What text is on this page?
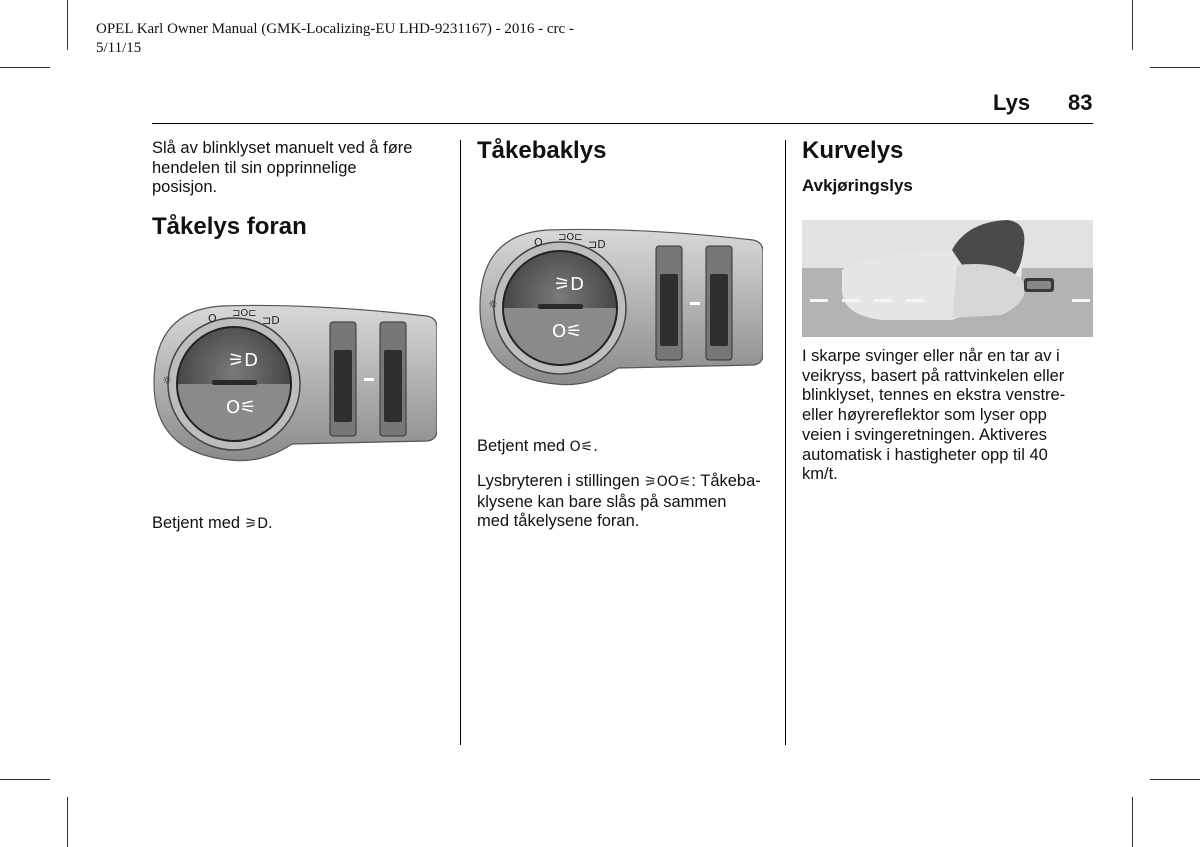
OPEL Karl Owner Manual (GMK-Localizing-EU LHD-9231167) - 2016 - crc -
5/11/15
Lys 83

Slå av blinklyset manuelt ved å føre
hendelen til sin opprinnelige
posisjon.

Tåkelys foran
⚞D
O⚟
O ⊐O⊏
⊐D
☼

Betjent med ⚞D.

Tåkebaklys
⚞D
O⚟
O ⊐O⊏
⊐D
☼

Betjent med O⚟.

Lysbryteren i stillingen ⚞OO⚟: Tåkeba-
klysene kan bare slås på sammen
med tåkelysene foran.

Kurvelys
Avkjøringslys

I skarpe svinger eller når en tar av i
veikryss, basert på rattvinkelen eller
blinklyset, tennes en ekstra venstre-
eller høyrereflektor som lyser opp
veien i svingeretningen. Aktiveres
automatisk i hastigheter opp til 40
km/t.
